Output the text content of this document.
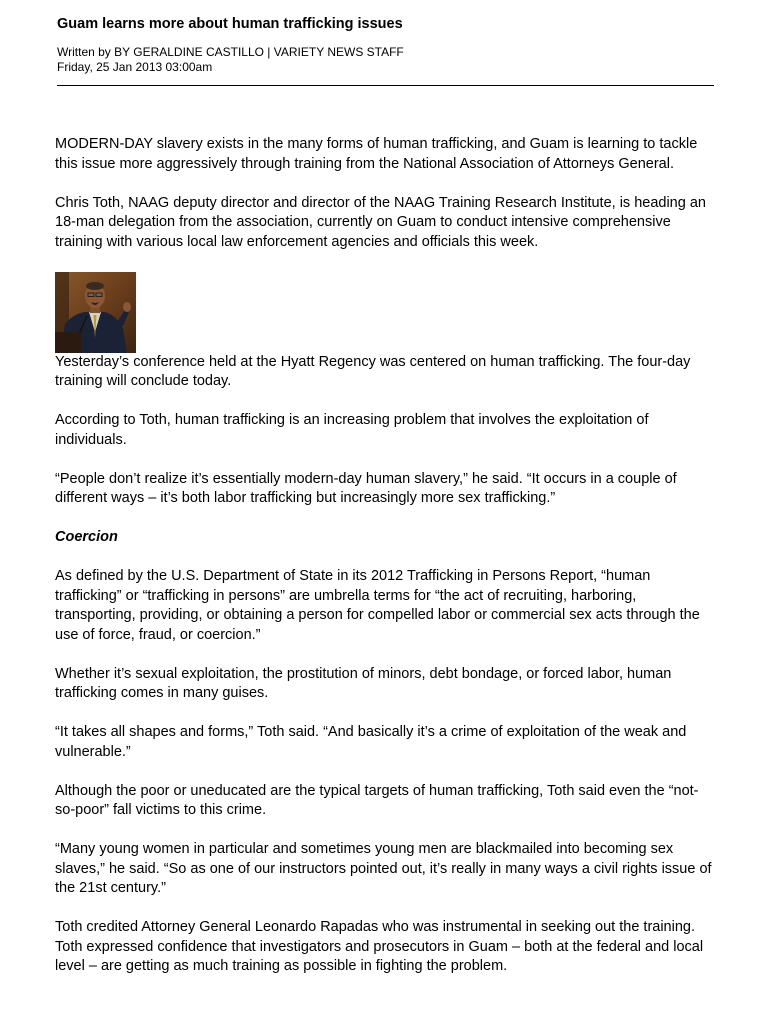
Guam learns more about human trafficking issues
Written by BY GERALDINE CASTILLO | VARIETY NEWS STAFF
Friday, 25 Jan 2013 03:00am

MODERN-DAY slavery exists in the many forms of human trafficking, and Guam is learning to tackle this issue more aggressively through training from the National Association of Attorneys General.

Chris Toth, NAAG deputy director and director of the NAAG Training Research Institute, is heading an 18-man delegation from the association, currently on Guam to conduct intensive comprehensive training with various local law enforcement agencies and officials this week.

Yesterday’s conference held at the Hyatt Regency was centered on human trafficking. The four-day training will conclude today.

According to Toth, human trafficking is an increasing problem that involves the exploitation of individuals.

“People don’t realize it’s essentially modern-day human slavery,” he said. “It occurs in a couple of different ways – it’s both labor trafficking but increasingly more sex trafficking.”

Coercion

As defined by the U.S. Department of State in its 2012 Trafficking in Persons Report, “human trafficking” or “trafficking in persons” are umbrella terms for “the act of recruiting, harboring, transporting, providing, or obtaining a person for compelled labor or commercial sex acts through the use of force, fraud, or coercion.”

Whether it’s sexual exploitation, the prostitution of minors, debt bondage, or forced labor, human trafficking comes in many guises.

“It takes all shapes and forms,” Toth said. “And basically it’s a crime of exploitation of the weak and vulnerable.”

Although the poor or uneducated are the typical targets of human trafficking, Toth said even the “not-so-poor” fall victims to this crime.

“Many young women in particular and sometimes young men are blackmailed into becoming sex slaves,” he said. “So as one of our instructors pointed out, it’s really in many ways a civil rights issue of the 21st century.”

Toth credited Attorney General Leonardo Rapadas who was instrumental in seeking out the training. Toth expressed confidence that investigators and prosecutors in Guam – both at the federal and local level – are getting as much training as possible in fighting the problem.
